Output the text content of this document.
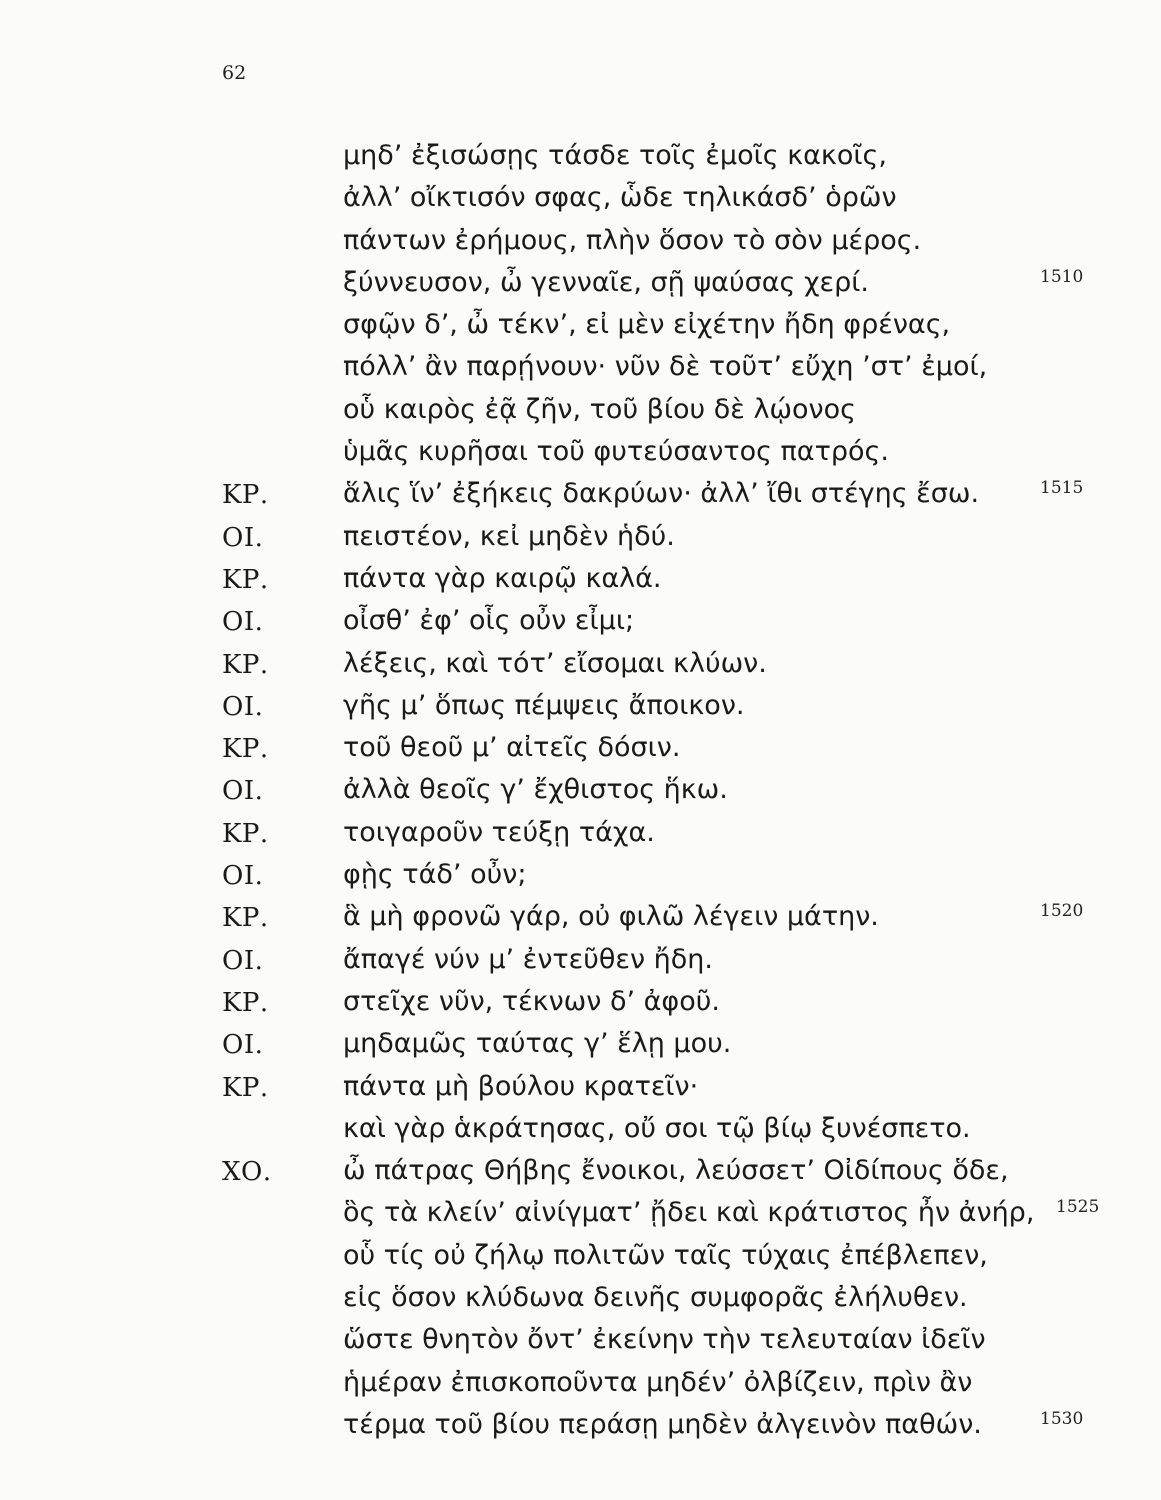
62
μηδ’ ἐξισώσῃς τάσδε τοῖς ἐμοῖς κακοῖς,
ἀλλ’ οἴκτισόν σφας, ὧδε τηλικάσδ’ ὁρῶν
πάντων ἐρήμους, πλὴν ὅσον τὸ σὸν μέρος.
ξύννευσον, ὦ γενναῖε, σῇ ψαύσας χερί.	1510
σφῷν δ’, ὦ τέκν’, εἰ μὲν εἰχέτην ἤδη φρένας,
πόλλ’ ἂν παρῄνουν· νῦν δὲ τοῦτ’ εὔχη ’στ’ ἐμοί,
οὗ καιρὸς ἐᾷ ζῆν, τοῦ βίου δὲ λῴονος
ὑμᾶς κυρῆσαι τοῦ φυτεύσαντος πατρός.
ΚΡ.	ἅλις ἵν’ ἐξήκεις δακρύων· ἀλλ’ ἴθι στέγης ἔσω.	1515
ΟΙ.	πειστέον, κεἰ μηδὲν ἡδύ.
ΚΡ.	πάντα γὰρ καιρῷ καλά.
ΟΙ.	οἶσθ’ ἐφ’ οἷς οὖν εἶμι;
ΚΡ.	λέξεις, καὶ τότ’ εἴσομαι κλύων.
ΟΙ.	γῆς μ’ ὅπως πέμψεις ἄποικον.
ΚΡ.	τοῦ θεοῦ μ’ αἰτεῖς δόσιν.
ΟΙ.	ἀλλὰ θεοῖς γ’ ἔχθιστος ἥκω.
ΚΡ.	τοιγαροῦν τεύξῃ τάχα.
ΟΙ.	φῂς τάδ’ οὖν;
ΚΡ.	ἃ μὴ φρονῶ γάρ, οὐ φιλῶ λέγειν μάτην.	1520
ΟΙ.	ἄπαγέ νύν μ’ ἐντεῦθεν ἤδη.
ΚΡ.	στεῖχε νῦν, τέκνων δ’ ἀφοῦ.
ΟΙ.	μηδαμῶς ταύτας γ’ ἕλῃ μου.
ΚΡ.	πάντα μὴ βούλου κρατεῖν·
καὶ γὰρ ἁκράτησας, οὔ σοι τῷ βίῳ ξυνέσπετο.
ΧΟ.	ὦ πάτρας Θήβης ἔνοικοι, λεύσσετ’ Οἰδίπους ὅδε,
ὃς τὰ κλείν’ αἰνίγματ’ ᾔδει καὶ κράτιστος ἦν ἀνήρ, 1525
οὗ τίς οὐ ζήλῳ πολιτῶν ταῖς τύχαις ἐπέβλεπεν,
εἰς ὅσον κλύδωνα δεινῆς συμφορᾶς ἐλήλυθεν.
ὥστε θνητὸν ὄντ’ ἐκείνην τὴν τελευταίαν ἰδεῖν
ἡμέραν ἐπισκοποῦντα μηδέν’ ὀλβίζειν, πρὶν ἂν
τέρμα τοῦ βίου περάσῃ μηδὲν ἀλγεινὸν παθών.	1530
